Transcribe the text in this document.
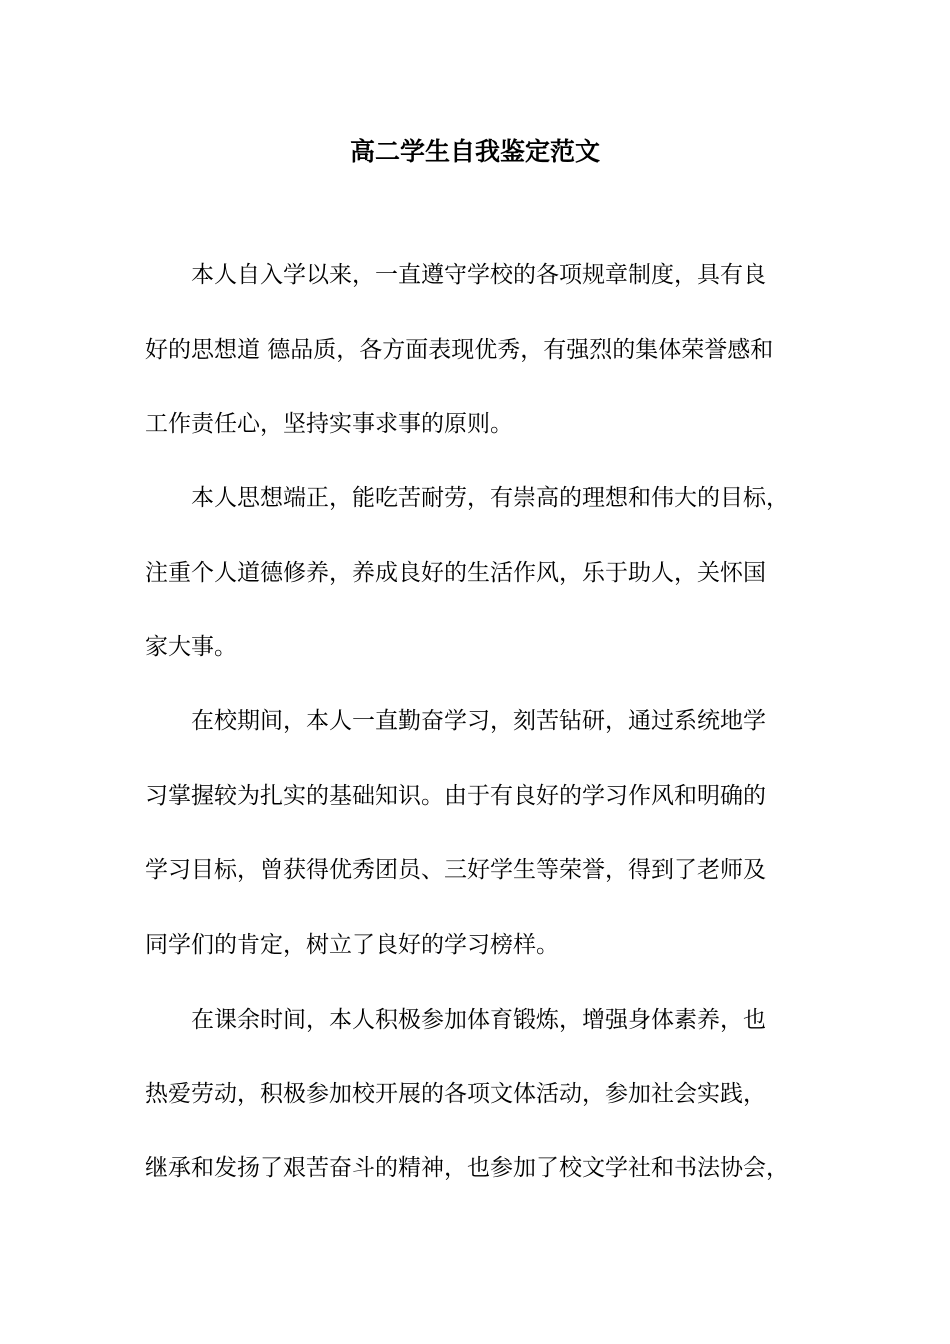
高二学生自我鉴定范文
　　本人自入学以来，一直遵守学校的各项规章制度，具有良
好的思想道 德品质，各方面表现优秀，有强烈的集体荣誉感和
工作责任心，坚持实事求事的原则。
　　本人思想端正，能吃苦耐劳，有崇高的理想和伟大的目标，
注重个人道德修养，养成良好的生活作风，乐于助人，关怀国
家大事。
　　在校期间，本人一直勤奋学习，刻苦钻研，通过系统地学
习掌握较为扎实的基础知识。由于有良好的学习作风和明确的
学习目标，曾获得优秀团员、三好学生等荣誉，得到了老师及
同学们的肯定，树立了良好的学习榜样。
　　在课余时间，本人积极参加体育锻炼，增强身体素养，也
热爱劳动，积极参加校开展的各项文体活动，参加社会实践，
继承和发扬了艰苦奋斗的精神，也参加了校文学社和书法协会，
